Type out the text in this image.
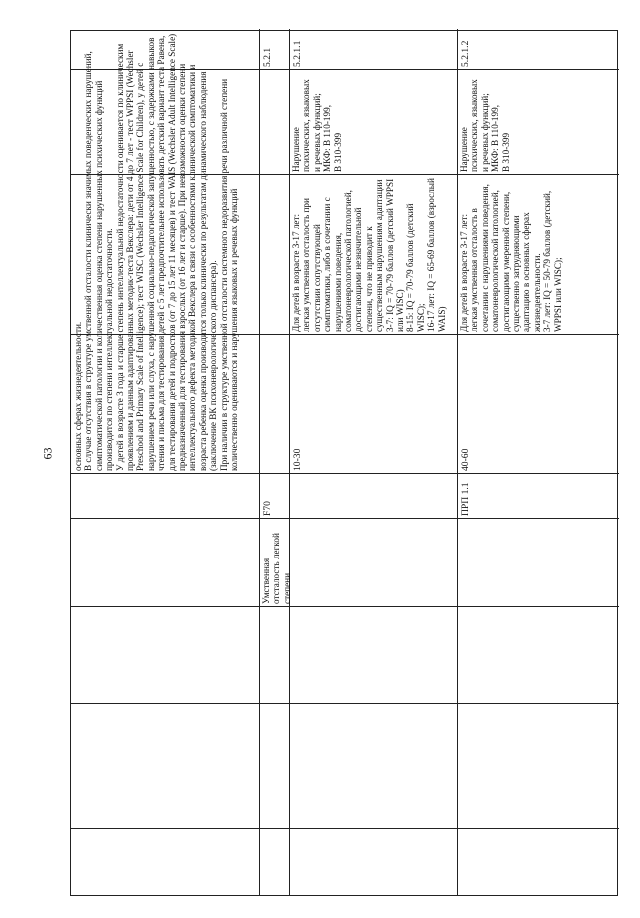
63 основных сферах жизнедеятельности.
В случае отсутствия в структуре умственной отсталости клинически значимых поведенческих нарушений, симптоматической патологии и количественная оценка степени нарушенных психических функций производится по степени интеллектуальной недостаточности.
У детей в возрасте 3 года и старше степень интеллектуальной недостаточности оценивается по клиническим проявлениям и данным адаптированных методик-теста Векслера: дети от 4 до 7 лет - тест WPPSI (Wechsler Preschool and Primary Scale of Intelligence); тест WISC (Wechsler Intelligence Scale for Children), у детей с нарушением речи или слуха, с нарушенной социально-педагогической запущенностью, с задержками навыков чтения и письма для тестирования детей с 5 лет предпочтительнее использовать детский вариант теста Равена, для тестирования детей и подростков (от 7 до 15 лет 11 месяцев) и тест WAIS (Wechsler Adult Intelligence Scale) предназначенный для тестирования взрослых (от 16 лет и старше). При невозможности оценки степени интеллектуального дефекта методикой Векслера в связи с особенностями клинической симптоматики и возраста ребенка оценка производится только клинически по результатам динамического наблюдения (заключение ВК психоневрологического диспансера).
При наличии в структуре умственной отсталости системного недоразвития речи различной степени количественно оцениваются и нарушения языковых и речевых функций
5.2.1
Умственная отсталость легкой степени
F70
5.2.1.1
Нарушение психических, языковых и речевых функций;
МКФ: B 110-199,
B 310-399
Для детей в возрасте 3-17 лет:
легкая умственная отсталость при отсутствии сопутствующей симптоматики, либо в сочетании с нарушениями поведения, соматоневрологической патологией, достигающими незначительной степени, что не приводит к существенным нарушениям адаптации
3-7: IQ = 70-79 баллов (детский WPPSI или WISC)
8-15: IQ = 70-79 баллов (детский WISC);
16-17 лет: IQ = 65-69 баллов (взрослый WAIS)
10-30
5.2.1.2
Нарушение психических, языковых и речевых функций;
МКФ: B 110-199,
B 310-399
Для детей в возрасте 3-17 лет:
легкая умственная отсталость в сочетании с нарушениями поведения, соматоневрологической патологией, достигающими умеренной степени, существенно затрудняющими адаптацию в основных сферах жизнедеятельности.
3-7 лет: IQ = 50-79 баллов (детский, WPPSI или WISC);
40-60
ПРП 1.1
